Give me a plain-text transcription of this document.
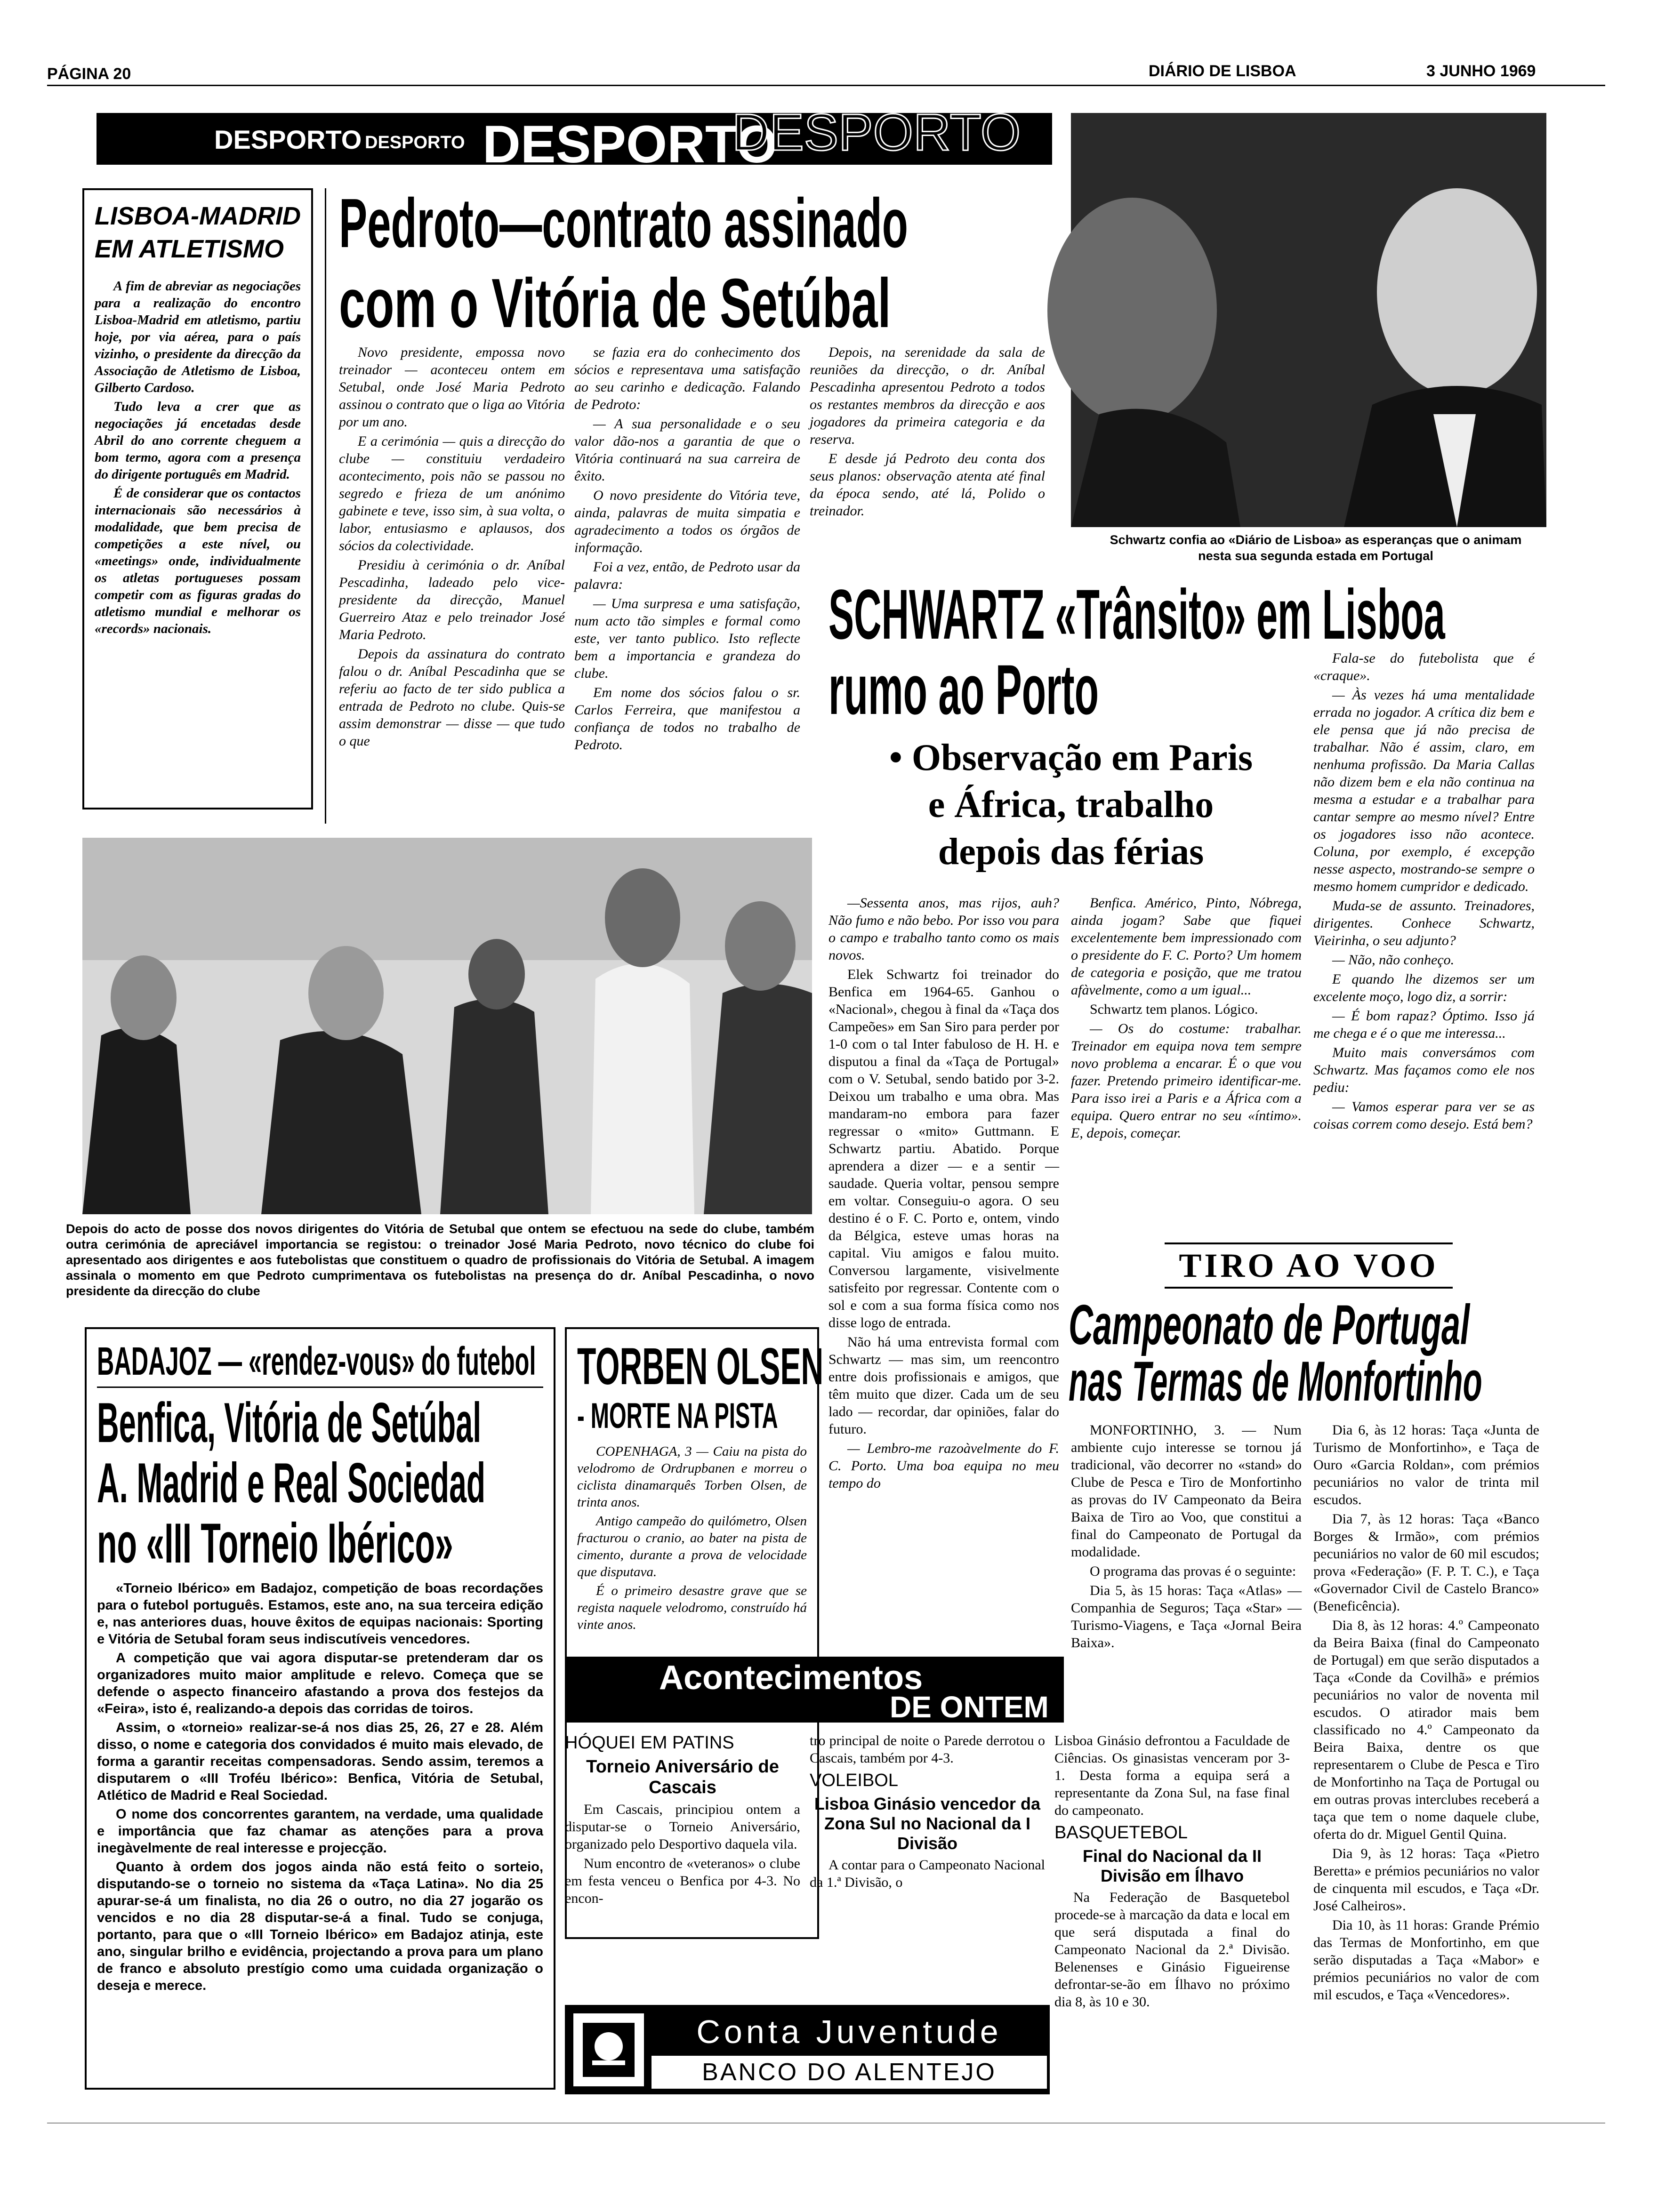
PÁGINA 20	DIÁRIO DE LISBOA	3 JUNHO 1969
DESPORTO DESPORTO DESPORTO
DESPORTO
LISBOA-MADRID EM ATLETISMO

A fim de abreviar as negociações para a realização do encontro Lisboa-Madrid em atletismo, partiu hoje, por via aérea, para o país vizinho, o presidente da direcção da Associação de Atletismo de Lisboa, Gilberto Cardoso.

Tudo leva a crer que as negociações já encetadas desde Abril do ano corrente cheguem a bom termo, agora com a presença do dirigente português em Madrid.

É de considerar que os contactos internacionais são necessários à modalidade, que bem precisa de competições a este nível, ou «meetings» onde, individualmente os atletas portugueses possam competir com as figuras gradas do atletismo mundial e melhorar os «records» nacionais.

Pedroto—contrato assinado
com o Vitória de Setúbal

Novo presidente, empossa novo treinador — aconteceu ontem em Setubal, onde José Maria Pedroto assinou o contrato que o liga ao Vitória por um ano.

E a cerimónia — quis a direcção do clube — constituiu verdadeiro acontecimento, pois não se passou no segredo e frieza de um anónimo gabinete e teve, isso sim, à sua volta, o labor, entusiasmo e aplausos, dos sócios da colectividade.

Presidiu à cerimónia o dr. Aníbal Pescadinha, ladeado pelo vice-presidente da direcção, Manuel Guerreiro Ataz e pelo treinador José Maria Pedroto.

Depois da assinatura do contrato falou o dr. Aníbal Pescadinha que se referiu ao facto de ter sido publica a entrada de Pedroto no clube. Quis-se assim demonstrar — disse — que tudo o que

se fazia era do conhecimento dos sócios e representava uma satisfação ao seu carinho e dedicação. Falando de Pedroto:

— A sua personalidade e o seu valor dão-nos a garantia de que o Vitória continuará na sua carreira de êxito.

O novo presidente do Vitória teve, ainda, palavras de muita simpatia e agradecimento a todos os órgãos de informação.

Foi a vez, então, de Pedroto usar da palavra:

— Uma surpresa e uma satisfação, num acto tão simples e formal como este, ver tanto publico. Isto reflecte bem a importancia e grandeza do clube.

Em nome dos sócios falou o sr. Carlos Ferreira, que manifestou a confiança de todos no trabalho de Pedroto.

Depois, na serenidade da sala de reuniões da direcção, o dr. Aníbal Pescadinha apresentou Pedroto a todos os restantes membros da direcção e aos jogadores da primeira categoria e da reserva.

E desde já Pedroto deu conta dos seus planos: observação atenta até final da época sendo, até lá, Polido o treinador.

Schwartz confia ao «Diário de Lisboa» as esperanças que o animam nesta sua segunda estada em Portugal
SCHWARTZ «Trânsito» em Lisboa
rumo ao Porto
• Observação em Paris
e África, trabalho
depois das férias

Fala-se do futebolista que é «craque».

— Às vezes há uma mentalidade errada no jogador. A crítica diz bem e ele pensa que já não precisa de trabalhar. Não é assim, claro, em nenhuma profissão. Da Maria Callas não dizem bem e ela não continua na mesma a estudar e a trabalhar para cantar sempre ao mesmo nível? Entre os jogadores isso não acontece. Coluna, por exemplo, é excepção nesse aspecto, mostrando-se sempre o mesmo homem cumpridor e dedicado.

Muda-se de assunto. Treinadores, dirigentes. Conhece Schwartz, Vieirinha, o seu adjunto?

— Não, não conheço.

E quando lhe dizemos ser um excelente moço, logo diz, a sorrir:

— É bom rapaz? Óptimo. Isso já me chega e é o que me interessa...

Muito mais conversámos com Schwartz. Mas façamos como ele nos pediu:

— Vamos esperar para ver se as coisas correm como desejo. Está bem?

—Sessenta anos, mas rijos, auh? Não fumo e não bebo. Por isso vou para o campo e trabalho tanto como os mais novos.

Elek Schwartz foi treinador do Benfica em 1964-65. Ganhou o «Nacional», chegou à final da «Taça dos Campeões» em San Siro para perder por 1-0 com o tal Inter fabuloso de H. H. e disputou a final da «Taça de Portugal» com o V. Setubal, sendo batido por 3-2. Deixou um trabalho e uma obra. Mas mandaram-no embora para fazer regressar o «mito» Guttmann. E Schwartz partiu. Abatido. Porque aprendera a dizer — e a sentir — saudade. Queria voltar, pensou sempre em voltar. Conseguiu-o agora. O seu destino é o F. C. Porto e, ontem, vindo da Bélgica, esteve umas horas na capital. Viu amigos e falou muito. Conversou largamente, visivelmente satisfeito por regressar. Contente com o sol e com a sua forma física como nos disse logo de entrada.

Não há uma entrevista formal com Schwartz — mas sim, um reencontro entre dois profissionais e amigos, que têm muito que dizer. Cada um de seu lado — recordar, dar opiniões, falar do futuro.

— Lembro-me razoàvelmente do F. C. Porto. Uma boa equipa no meu tempo do

Benfica. Américo, Pinto, Nóbrega, ainda jogam? Sabe que fiquei excelentemente bem impressionado com o presidente do F. C. Porto? Um homem de categoria e posição, que me tratou afàvelmente, como a um igual...

Schwartz tem planos. Lógico.

— Os do costume: trabalhar. Treinador em equipa nova tem sempre novo problema a encarar. É o que vou fazer. Pretendo primeiro identificar-me. Para isso irei a Paris e a África com a equipa. Quero entrar no seu «íntimo». E, depois, começar.

Depois do acto de posse dos novos dirigentes do Vitória de Setubal que ontem se efectuou na sede do clube, também outra cerimónia de apreciável importancia se registou: o treinador José Maria Pedroto, novo técnico do clube foi apresentado aos dirigentes e aos futebolistas que constituem o quadro de profissionais do Vitória de Setubal. A imagem assinala o momento em que Pedroto cumprimentava os futebolistas na presença do dr. Aníbal Pescadinha, o novo presidente da direcção do clube
BADAJOZ — «rendez-vous» do futebol
Benfica, Vitória de Setúbal
A. Madrid e Real Sociedad
no «III Torneio Ibérico»

«Torneio Ibérico» em Badajoz, competição de boas recordações para o futebol português. Estamos, este ano, na sua terceira edição e, nas anteriores duas, houve êxitos de equipas nacionais: Sporting e Vitória de Setubal foram seus indiscutíveis vencedores.

A competição que vai agora disputar-se pretenderam dar os organizadores muito maior amplitude e relevo. Começa que se defende o aspecto financeiro afastando a prova dos festejos da «Feira», isto é, realizando-a depois das corridas de toiros.

Assim, o «torneio» realizar-se-á nos dias 25, 26, 27 e 28. Além disso, o nome e categoria dos convidados é muito mais elevado, de forma a garantir receitas compensadoras. Sendo assim, teremos a disputarem o «III Troféu Ibérico»: Benfica, Vitória de Setubal, Atlético de Madrid e Real Sociedad.

O nome dos concorrentes garantem, na verdade, uma qualidade e importância que faz chamar as atenções para a prova inegàvelmente de real interesse e projecção.

Quanto à ordem dos jogos ainda não está feito o sorteio, disputando-se o torneio no sistema da «Taça Latina». No dia 25 apurar-se-á um finalista, no dia 26 o outro, no dia 27 jogarão os vencidos e no dia 28 disputar-se-á a final. Tudo se conjuga, portanto, para que o «III Torneio Ibérico» em Badajoz atinja, este ano, singular brilho e evidência, projectando a prova para um plano de franco e absoluto prestígio como uma cuidada organização o deseja e merece.

TORBEN OLSEN
- MORTE NA PISTA

COPENHAGA, 3 — Caiu na pista do velodromo de Ordrupbanen e morreu o ciclista dinamarquês Torben Olsen, de trinta anos.

Antigo campeão do quilómetro, Olsen fracturou o cranio, ao bater na pista de cimento, durante a prova de velocidade que disputava.

É o primeiro desastre grave que se regista naquele velodromo, construído há vinte anos.

TIRO AO VOO
Campeonato de Portugal
nas Termas de Monfortinho

MONFORTINHO, 3. — Num ambiente cujo interesse se tornou já tradicional, vão decorrer no «stand» do Clube de Pesca e Tiro de Monfortinho as provas do IV Campeonato da Beira Baixa de Tiro ao Voo, que constitui a final do Campeonato de Portugal da modalidade.

O programa das provas é o seguinte:

Dia 5, às 15 horas: Taça «Atlas» — Companhia de Seguros; Taça «Star» — Turismo-Viagens, e Taça «Jornal Beira Baixa».

Dia 6, às 12 horas: Taça «Junta de Turismo de Monfortinho», e Taça de Ouro «Garcia Roldan», com prémios pecuniários no valor de trinta mil escudos.

Dia 7, às 12 horas: Taça «Banco Borges & Irmão», com prémios pecuniários no valor de 60 mil escudos; prova «Federação» (F. P. T. C.), e Taça «Governador Civil de Castelo Branco» (Beneficência).

Dia 8, às 12 horas: 4.º Campeonato da Beira Baixa (final do Campeonato de Portugal) em que serão disputados a Taça «Conde da Covilhã» e prémios pecuniários no valor de noventa mil escudos. O atirador mais bem classificado no 4.º Campeonato da Beira Baixa, dentre os que representarem o Clube de Pesca e Tiro de Monfortinho na Taça de Portugal ou em outras provas interclubes receberá a taça que tem o nome daquele clube, oferta do dr. Miguel Gentil Quina.

Dia 9, às 12 horas: Taça «Pietro Beretta» e prémios pecuniários no valor de cinquenta mil escudos, e Taça «Dr. José Calheiros».

Dia 10, às 11 horas: Grande Prémio das Termas de Monfortinho, em que serão disputadas a Taça «Mabor» e prémios pecuniários no valor de com mil escudos, e Taça «Vencedores».

Acontecimentos
DE ONTEM
HÓQUEI EM PATINS
Torneio Aniversário de Cascais

Em Cascais, principiou ontem a disputar-se o Torneio Aniversário, organizado pelo Desportivo daquela vila.

Num encontro de «veteranos» o clube em festa venceu o Benfica por 4-3. No encon-

tro principal de noite o Parede derrotou o Cascais, também por 4-3.
VOLEIBOL
Lisboa Ginásio vencedor da Zona Sul no Nacional da I Divisão
A contar para o Campeonato Nacional da 1.ª Divisão, o
Lisboa Ginásio defrontou a Faculdade de Ciências. Os ginasistas venceram por 3-1. Desta forma a equipa será a representante da Zona Sul, na fase final do campeonato.
BASQUETEBOL
Final do Nacional da II Divisão em Ílhavo
Na Federação de Basquetebol procede-se à marcação da data e local em que será disputada a final do Campeonato Nacional da 2.ª Divisão. Belenenses e Ginásio Figueirense defrontar-se-ão em Ílhavo no próximo dia 8, às 10 e 30.
Conta Juventude
BANCO DO ALENTEJO
